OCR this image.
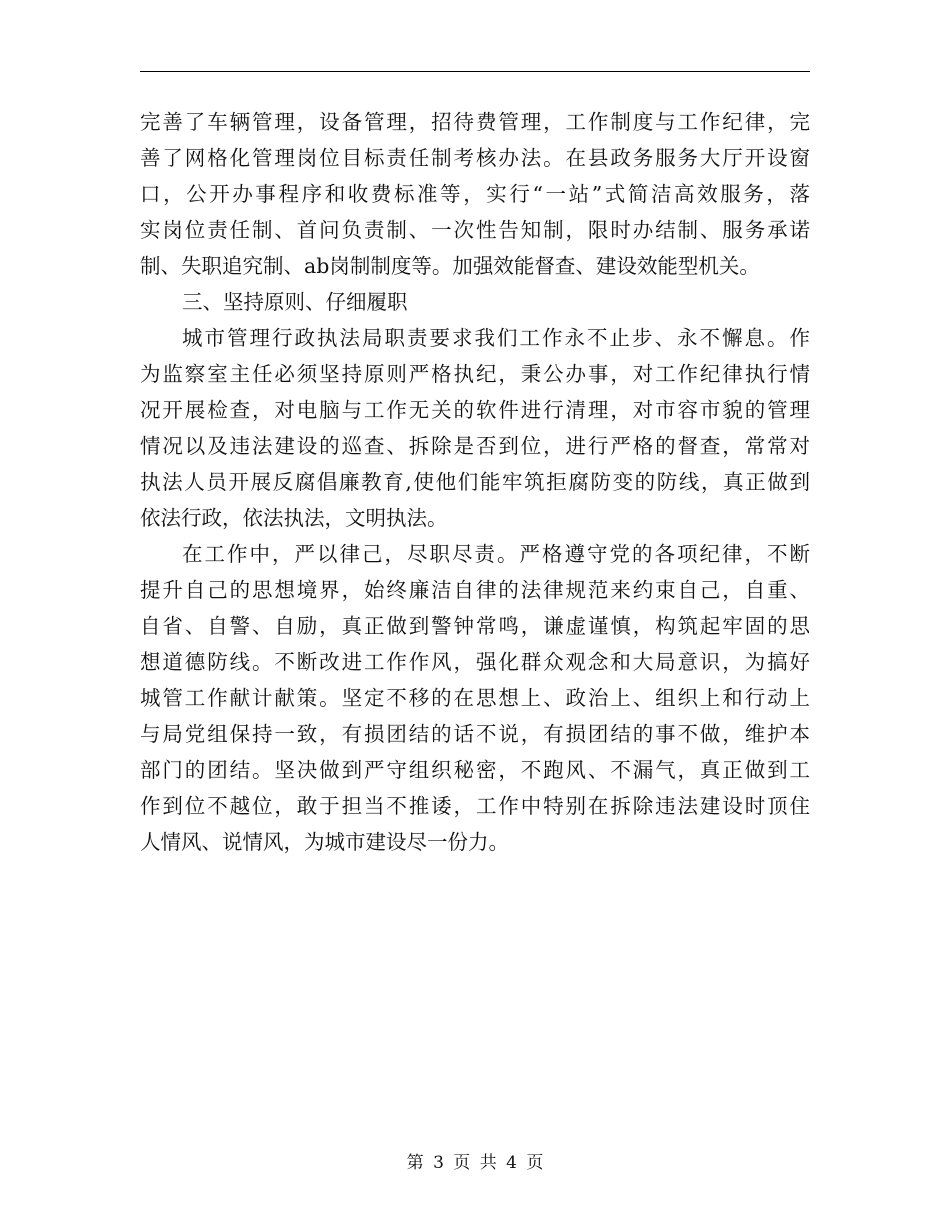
完善了车辆管理，设备管理，招待费管理，工作制度与工作纪律，完
善了网格化管理岗位目标责任制考核办法。在县政务服务大厅开设窗
口，公开办事程序和收费标准等，实行“一站”式简洁高效服务，落
实岗位责任制、首问负责制、一次性告知制，限时办结制、服务承诺
制、失职追究制、ab岗制制度等。加强效能督查、建设效能型机关。
三、坚持原则、仔细履职
城市管理行政执法局职责要求我们工作永不止步、永不懈息。作
为监察室主任必须坚持原则严格执纪，秉公办事，对工作纪律执行情
况开展检查，对电脑与工作无关的软件进行清理，对市容市貌的管理
情况以及违法建设的巡查、拆除是否到位，进行严格的督查，常常对
执法人员开展反腐倡廉教育,使他们能牢筑拒腐防变的防线，真正做到
依法行政，依法执法，文明执法。
在工作中，严以律己，尽职尽责。严格遵守党的各项纪律，不断
提升自己的思想境界，始终廉洁自律的法律规范来约束自己，自重、
自省、自警、自励，真正做到警钟常鸣，谦虚谨慎，构筑起牢固的思
想道德防线。不断改进工作作风，强化群众观念和大局意识，为搞好
城管工作献计献策。坚定不移的在思想上、政治上、组织上和行动上
与局党组保持一致，有损团结的话不说，有损团结的事不做，维护本
部门的团结。坚决做到严守组织秘密，不跑风、不漏气，真正做到工
作到位不越位，敢于担当不推诿，工作中特别在拆除违法建设时顶住
人情风、说情风，为城市建设尽一份力。
第 3 页 共 4 页
